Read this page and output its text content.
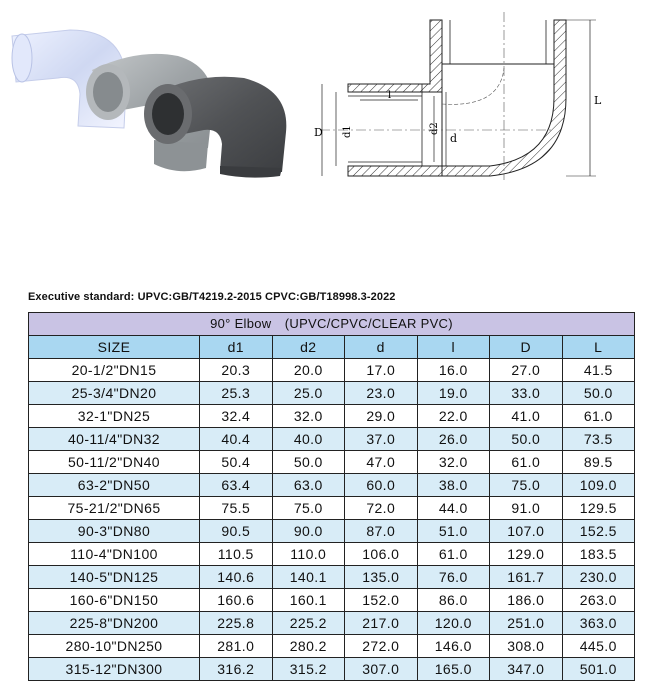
D d1	d2
d
l	L
Executive standard: UPVC:GB/T4219.2-2015 CPVC:GB/T18998.3-2022
90° Elbow　(UPVC/CPVC/CLEAR PVC)						
SIZE	d1	d2	d	l	D	L
20-1/2"DN15	20.3	20.0	17.0	16.0	27.0	41.5
25-3/4"DN20	25.3	25.0	23.0	19.0	33.0	50.0
32-1"DN25	32.4	32.0	29.0	22.0	41.0	61.0
40-11/4"DN32	40.4	40.0	37.0	26.0	50.0	73.5
50-11/2"DN40	50.4	50.0	47.0	32.0	61.0	89.5
63-2"DN50	63.4	63.0	60.0	38.0	75.0	109.0
75-21/2"DN65	75.5	75.0	72.0	44.0	91.0	129.5
90-3"DN80	90.5	90.0	87.0	51.0	107.0	152.5
110-4"DN100	110.5	110.0	106.0	61.0	129.0	183.5
140-5"DN125	140.6	140.1	135.0	76.0	161.7	230.0
160-6"DN150	160.6	160.1	152.0	86.0	186.0	263.0
225-8"DN200	225.8	225.2	217.0	120.0	251.0	363.0
280-10"DN250	281.0	280.2	272.0	146.0	308.0	445.0
315-12"DN300	316.2	315.2	307.0	165.0	347.0	501.0
